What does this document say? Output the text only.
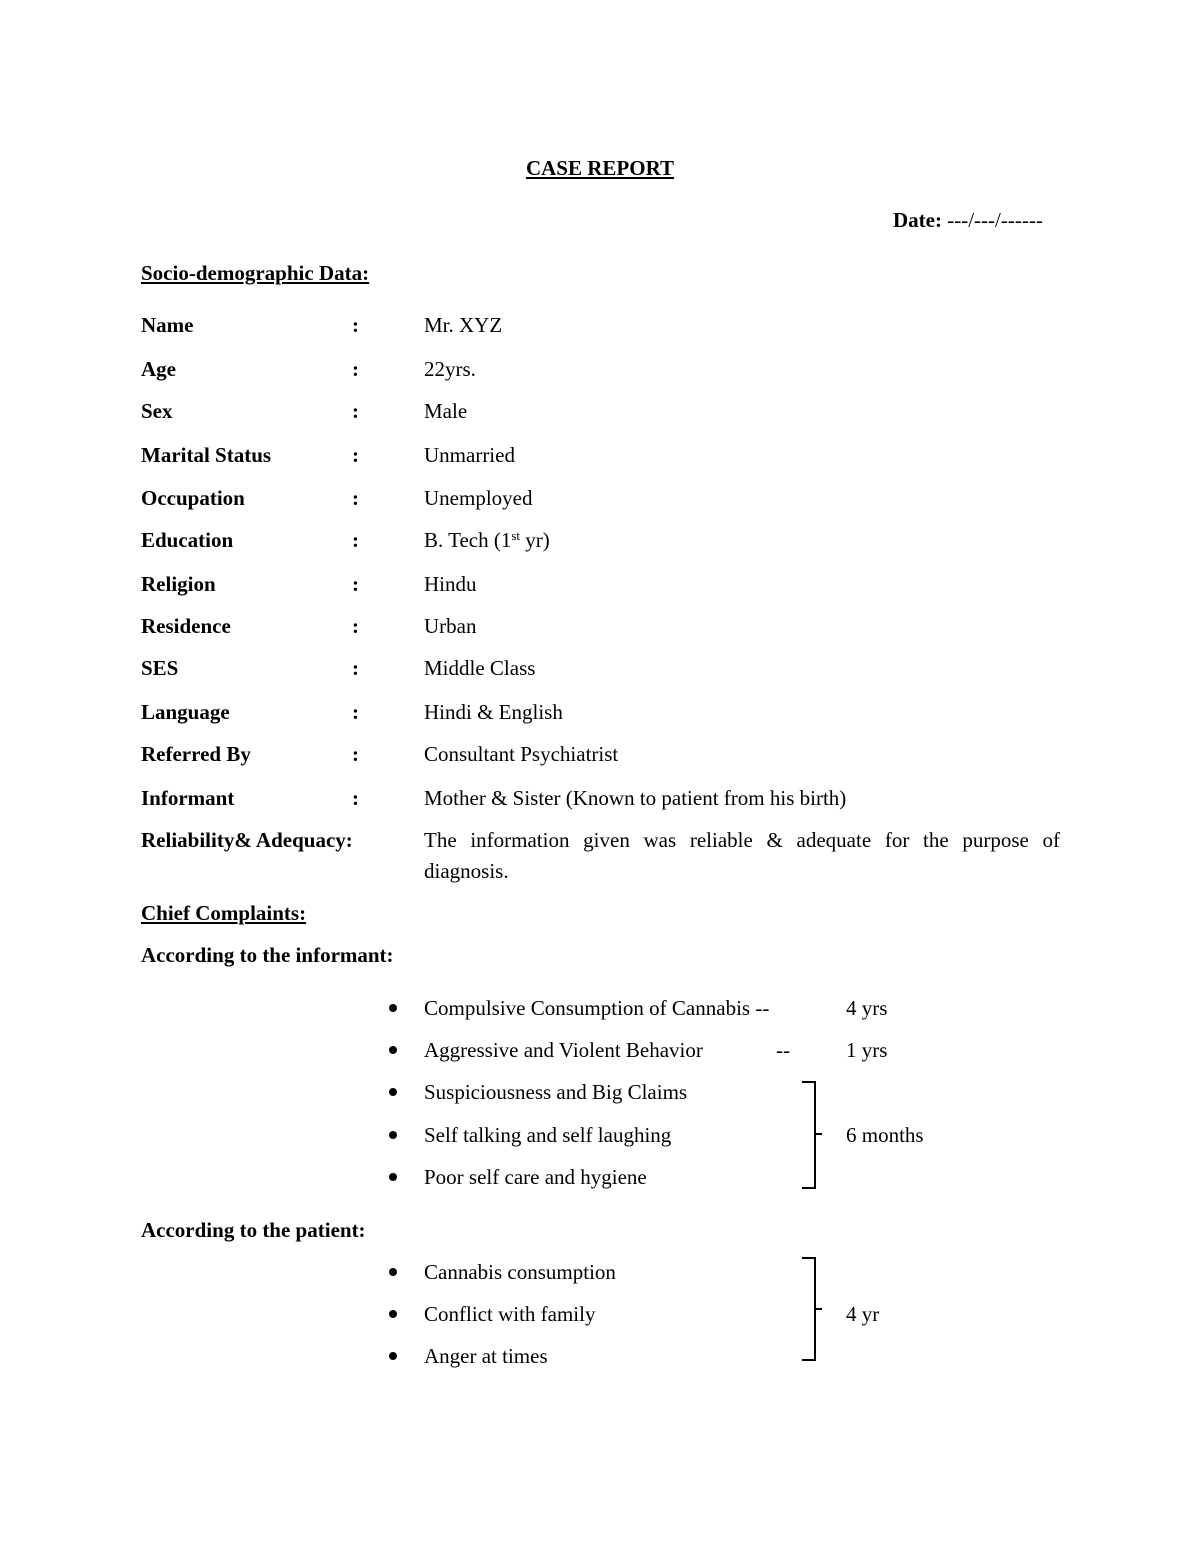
CASE REPORT
Date: ---/---/------
Socio-demographic Data:
Name	:	Mr. XYZ
Age	:	22yrs.
Sex	:	Male
Marital Status	:	Unmarried
Occupation	:	Unemployed
Education	:	B. Tech (1st yr)
Religion	:	Hindu
Residence	:	Urban
SES	:	Middle Class
Language	:	Hindi & English
Referred By	:	Consultant Psychiatrist
Informant	:	Mother & Sister (Known to patient from his birth)
Reliability& Adequacy:	The information given was reliable & adequate for the purpose of diagnosis.
Chief Complaints:
According to the informant:
Compulsive Consumption of Cannabis --	4 yrs
Aggressive and Violent Behavior	--	1 yrs
Suspiciousness and Big Claims
Self talking and self laughing
Poor self care and hygiene
6 months
According to the patient:
Cannabis consumption
Conflict with family
Anger at times
4 yr
